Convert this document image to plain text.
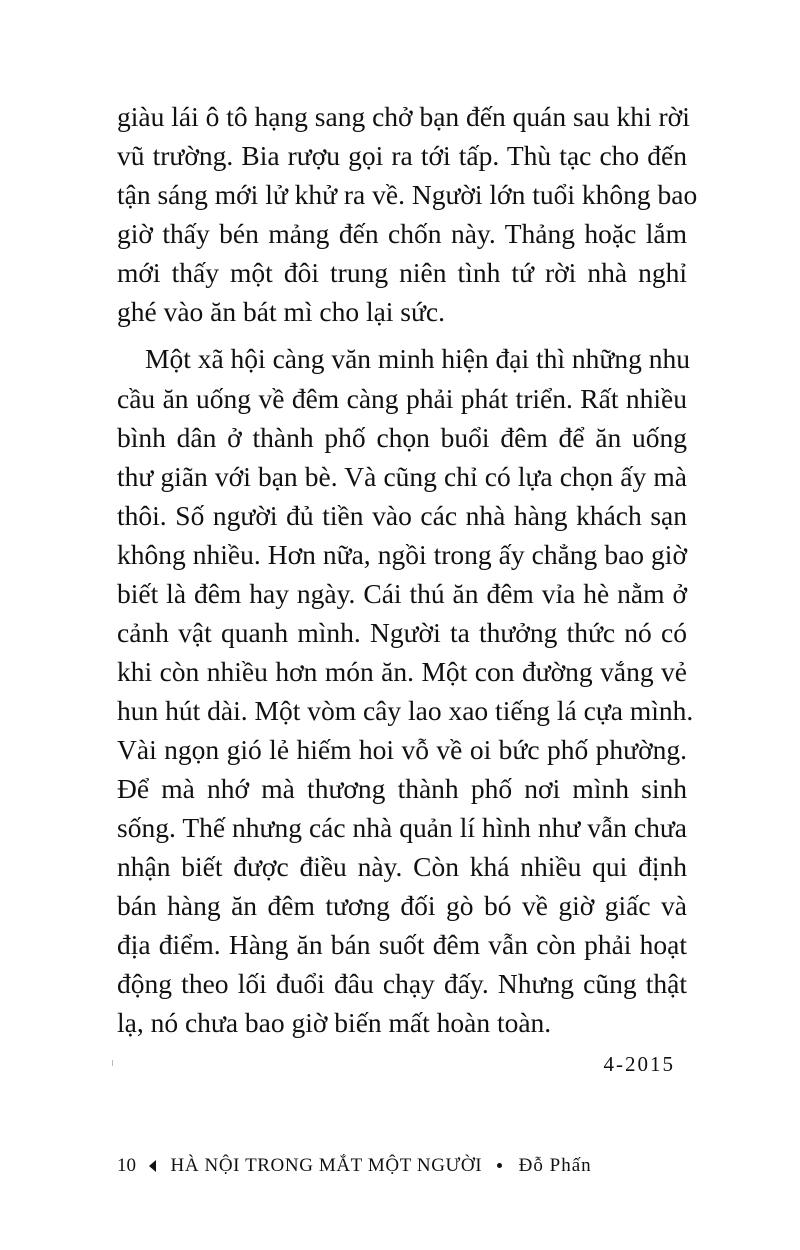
giàu lái ô tô hạng sang chở bạn đến quán sau khi rời
vũ trường. Bia rượu gọi ra tới tấp. Thù tạc cho đến
tận sáng mới lử khử ra về. Người lớn tuổi không bao
giờ thấy bén mảng đến chốn này. Thảng hoặc lắm
mới thấy một đôi trung niên tình tứ rời nhà nghỉ
ghé vào ăn bát mì cho lại sức.
Một xã hội càng văn minh hiện đại thì những nhu
cầu ăn uống về đêm càng phải phát triển. Rất nhiều
bình dân ở thành phố chọn buổi đêm để ăn uống
thư giãn với bạn bè. Và cũng chỉ có lựa chọn ấy mà
thôi. Số người đủ tiền vào các nhà hàng khách sạn
không nhiều. Hơn nữa, ngồi trong ấy chẳng bao giờ
biết là đêm hay ngày. Cái thú ăn đêm vỉa hè nằm ở
cảnh vật quanh mình. Người ta thưởng thức nó có
khi còn nhiều hơn món ăn. Một con đường vắng vẻ
hun hút dài. Một vòm cây lao xao tiếng lá cựa mình.
Vài ngọn gió lẻ hiếm hoi vỗ về oi bức phố phường.
Để mà nhớ mà thương thành phố nơi mình sinh
sống. Thế nhưng các nhà quản lí hình như vẫn chưa
nhận biết được điều này. Còn khá nhiều qui định
bán hàng ăn đêm tương đối gò bó về giờ giấc và
địa điểm. Hàng ăn bán suốt đêm vẫn còn phải hoạt
động theo lối đuổi đâu chạy đấy. Nhưng cũng thật
lạ, nó chưa bao giờ biến mất hoàn toàn.
4-2015
10 HÀ NỘI TRONG MẮT MỘT NGƯỜI Đỗ Phấn
